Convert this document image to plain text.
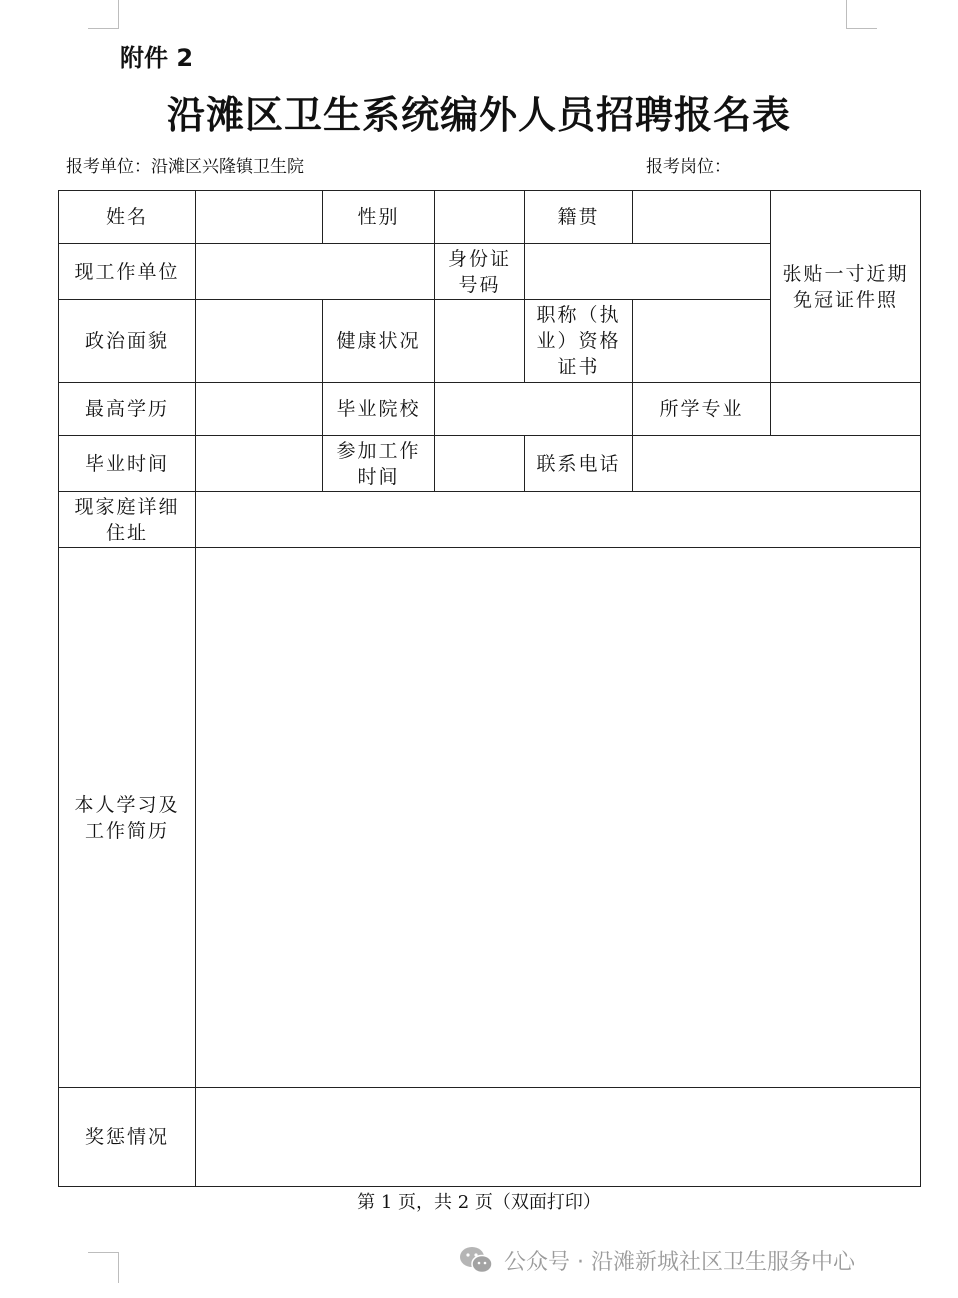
附件 2
沿滩区卫生系统编外人员招聘报名表
报考单位：沿滩区兴隆镇卫生院	报考岗位：
姓名		性别		籍贯		张贴一寸近期免冠证件照
现工作单位			身份证号码			
政治面貌		健康状况		职称（执业）资格证书		
最高学历		毕业院校			所学专业	
毕业时间		参加工作时间		联系电话		
现家庭详细住址						
本人学习及工作简历						
奖惩情况						
第 1 页，共 2 页（双面打印）
公众号 · 沿滩新城社区卫生服务中心
